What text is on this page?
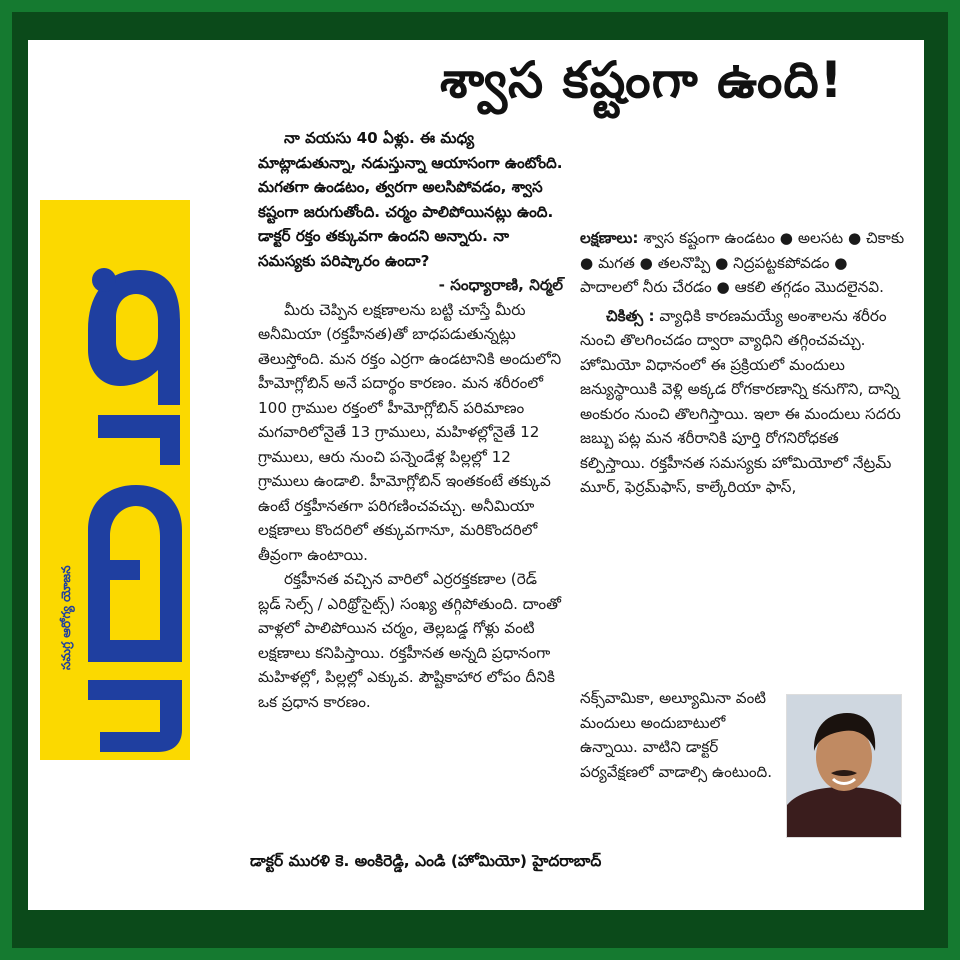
శ్వాస కష్టంగా ఉంది!
సమగ్ర ఆరోగ్య యోజన

నా వయసు 40 ఏళ్లు. ఈ మధ్య మాట్లాడుతున్నా, నడుస్తున్నా ఆయాసంగా ఉంటోంది. మగతగా ఉండటం, త్వరగా అలసిపోవడం, శ్వాస కష్టంగా జరుగుతోంది. చర్మం పాలిపోయినట్లు ఉంది. డాక్టర్ రక్తం తక్కువగా ఉందని అన్నారు. నా సమస్యకు పరిష్కారం ఉందా?

- సంధ్యారాణి, నిర్మల్

మీరు చెప్పిన లక్షణాలను బట్టి చూస్తే మీరు అనీమియా (రక్తహీనత)తో బాధపడుతున్నట్లు తెలుస్తోంది. మన రక్తం ఎర్రగా ఉండటానికి అందులోని హీమోగ్లోబిన్ అనే పదార్థం కారణం. మన శరీరంలో 100 గ్రాముల రక్తంలో హీమోగ్లోబిన్ పరిమాణం మగవారిలోనైతే 13 గ్రాములు, మహిళల్లోనైతే 12 గ్రాములు, ఆరు నుంచి పన్నెండేళ్ల పిల్లల్లో 12 గ్రాములు ఉండాలి. హీమోగ్లోబిన్ ఇంతకంటే తక్కువ ఉంటే రక్తహీనతగా పరిగణించవచ్చు. అనీమియా లక్షణాలు కొందరిలో తక్కువగానూ, మరికొందరిలో తీవ్రంగా ఉంటాయి.

రక్తహీనత వచ్చిన వారిలో ఎర్రరక్తకణాల (రెడ్ బ్లడ్ సెల్స్ / ఎరిథ్రోసైట్స్) సంఖ్య తగ్గిపోతుంది. దాంతో వాళ్లలో పాలిపోయిన చర్మం, తెల్లబడ్డ గోళ్లు వంటి లక్షణాలు కనిపిస్తాయి. రక్తహీనత అన్నది ప్రధానంగా మహిళల్లో, పిల్లల్లో ఎక్కువ. పౌష్టికాహార లోపం దీనికి ఒక ప్రధాన కారణం.

లక్షణాలు: శ్వాస కష్టంగా ఉండటం ● అలసట ● చికాకు ● మగత ● తలనొప్పి ● నిద్రపట్టకపోవడం ● పాదాలలో నీరు చేరడం ● ఆకలి తగ్గడం మొదలైనవి.

చికిత్స : వ్యాధికి కారణమయ్యే అంశాలను శరీరం నుంచి తొలగించడం ద్వారా వ్యాధిని తగ్గించవచ్చు. హోమియో విధానంలో ఈ ప్రక్రియలో మందులు జన్యుస్థాయికి వెళ్లి అక్కడ రోగకారణాన్ని కనుగొని, దాన్ని అంకురం నుంచి తొలగిస్తాయి. ఇలా ఈ మందులు సదరు జబ్బు పట్ల మన శరీరానికి పూర్తి రోగనిరోధకత కల్పిస్తాయి. రక్తహీనత సమస్యకు హోమియోలో నేట్రమ్ మూర్, ఫెర్రమ్‌ఫాస్, కాల్కేరియా ఫాస్,

నక్స్‌వామికా, అల్యూమినా వంటి మందులు అందుబాటులో ఉన్నాయి. వాటిని డాక్టర్ పర్యవేక్షణలో వాడాల్సి ఉంటుంది.

డాక్టర్ మురళి కె. అంకిరెడ్డి, ఎండి (హోమియో) హైదరాబాద్
